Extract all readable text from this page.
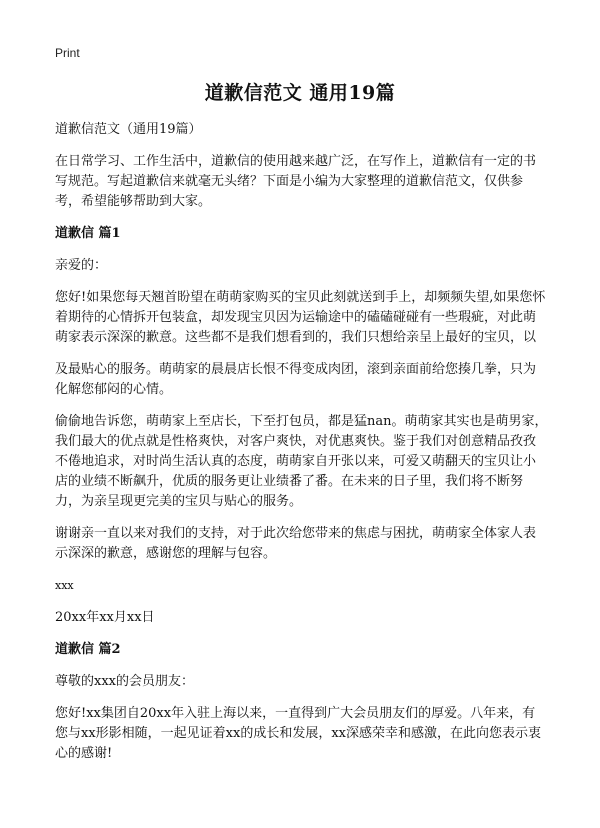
Print
道歉信范文 通用19篇

道歉信范文（通用19篇）

在日常学习、工作生活中，道歉信的使用越来越广泛，在写作上，道歉信有一定的书写规范。写起道歉信来就毫无头绪？下面是小编为大家整理的道歉信范文，仅供参考，希望能够帮助到大家。

道歉信 篇1

亲爱的：

您好!如果您每天翘首盼望在萌萌家购买的宝贝此刻就送到手上，却频频失望,如果您怀着期待的心情拆开包装盒，却发现宝贝因为运输途中的磕磕碰碰有一些瑕疵，对此萌萌家表示深深的歉意。这些都不是我们想看到的，我们只想给亲呈上最好的宝贝，以

及最贴心的服务。萌萌家的晨晨店长恨不得变成肉团，滚到亲面前给您揍几拳，只为化解您郁闷的心情。

偷偷地告诉您，萌萌家上至店长，下至打包员，都是猛nan。萌萌家其实也是萌男家，我们最大的优点就是性格爽快，对客户爽快，对优惠爽快。鉴于我们对创意精品孜孜不倦地追求，对时尚生活认真的态度，萌萌家自开张以来，可爱又萌翻天的宝贝让小店的业绩不断飙升，优质的服务更让业绩番了番。在未来的日子里，我们将不断努力，为亲呈现更完美的宝贝与贴心的服务。

谢谢亲一直以来对我们的支持，对于此次给您带来的焦虑与困扰，萌萌家全体家人表示深深的歉意，感谢您的理解与包容。

xxx

20xx年xx月xx日

道歉信 篇2

尊敬的xxx的会员朋友：

您好!xx集团自20xx年入驻上海以来，一直得到广大会员朋友们的厚爱。八年来，有您与xx形影相随，一起见证着xx的成长和发展，xx深感荣幸和感激，在此向您表示衷心的感谢!
